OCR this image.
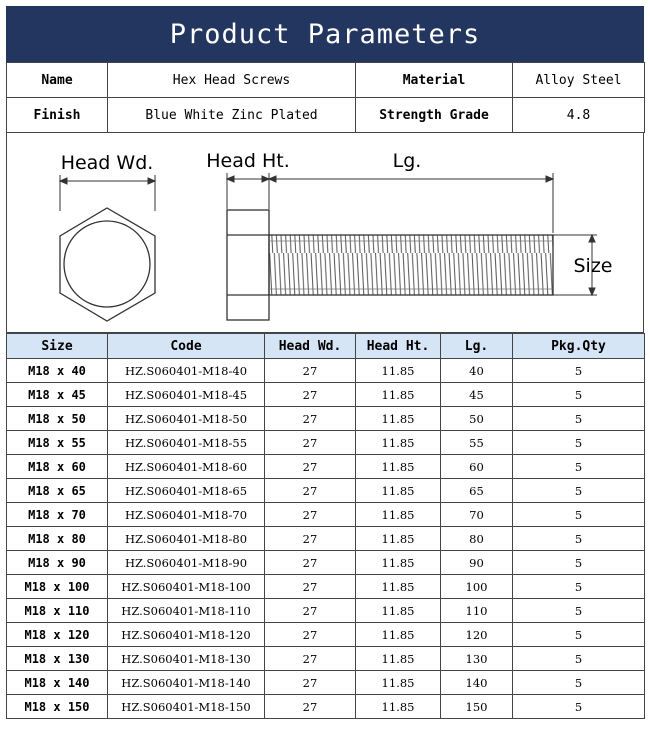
Product Parameters
Name	Hex Head Screws	Material	Alloy Steel
Finish	Blue White Zinc Plated	Strength Grade	4.8
Head Wd.	Head Ht.	Lg.
Size
Size	Code	Head Wd.	Head Ht.	Lg.	Pkg.Qty
M18 x 40	HZ.S060401-M18-40	27	11.85	40	5
M18 x 45	HZ.S060401-M18-45	27	11.85	45	5
M18 x 50	HZ.S060401-M18-50	27	11.85	50	5
M18 x 55	HZ.S060401-M18-55	27	11.85	55	5
M18 x 60	HZ.S060401-M18-60	27	11.85	60	5
M18 x 65	HZ.S060401-M18-65	27	11.85	65	5
M18 x 70	HZ.S060401-M18-70	27	11.85	70	5
M18 x 80	HZ.S060401-M18-80	27	11.85	80	5
M18 x 90	HZ.S060401-M18-90	27	11.85	90	5
M18 x 100	HZ.S060401-M18-100	27	11.85	100	5
M18 x 110	HZ.S060401-M18-110	27	11.85	110	5
M18 x 120	HZ.S060401-M18-120	27	11.85	120	5
M18 x 130	HZ.S060401-M18-130	27	11.85	130	5
M18 x 140	HZ.S060401-M18-140	27	11.85	140	5
M18 x 150	HZ.S060401-M18-150	27	11.85	150	5
